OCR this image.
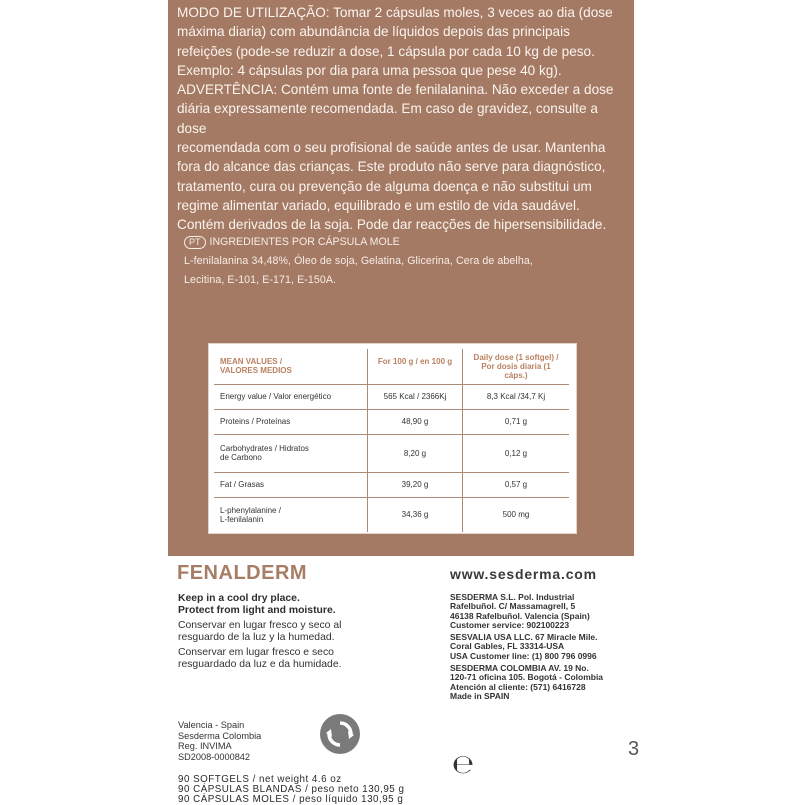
MODO DE UTILIZAÇÃO: Tomar 2 cápsulas moles, 3 veces ao dia (dose

máxima diaria) com abundância de líquidos depois das principais

refeições (pode-se reduzir a dose, 1 cápsula por cada 10 kg de peso.

Exemplo: 4 cápsulas por dia para uma pessoa que pese 40 kg).

ADVERTÊNCIA: Contém uma fonte de fenilalanina. Não exceder a dose

diária expressamente recomendada. Em caso de gravidez, consulte a dose

recomendada com o seu profisional de saúde antes de usar. Mantenha

fora do alcance das crianças. Este produto não serve para diagnóstico,

tratamento, cura ou prevenção de alguma doença e não substitui um

regime alimentar variado, equilibrado e um estilo de vida saudável.

Contém derivados de la soja. Pode dar reacções de hipersensibilidade.

PT INGREDIENTES POR CÁPSULA MOLE
L-fenilalanina 34,48%, Óleo de soja, Gelatina, Glicerina, Cera de abelha,
Lecitina, E-101, E-171, E-150A.
MEAN VALUES /
VALORES MEDIOS	For 100 g / en 100 g	Daily dose (1 softgel) /
Por dosis diaria (1 cáps.)
Energy value / Valor energético	565 Kcal / 2366Kj	8,3 Kcal /34,7 Kj
Proteins / Proteínas	48,90 g	0,71 g
Carbohydrates / Hidratos
de Carbono	8,20 g	0,12 g
Fat / Grasas	39,20 g	0,57 g
L-phenylalanine /
L-fenilalanin	34,36 g	500 mg
FENALDERM	www.sesderma.com

Keep in a cool dry place.
Protect from light and moisture.

Conservar en lugar fresco y seco al
resguardo de la luz y la humedad.

Conservar em lugar fresco e seco
resguardado da luz e da humidade.

SESDERMA S.L. Pol. Industrial
Rafelbuñol. C/ Massamagrell, 5
46138 Rafelbuñol. Valencia (Spain)
Customer service: 902100223

SESVALIA USA LLC. 67 Miracle Mile.
Coral Gables, FL 33314-USA
USA Customer line: (1) 800 796 0996

SESDERMA COLOMBIA AV. 19 No.
120-71 oficina 105. Bogotá - Colombia
Atención al cliente: (571) 6416728
Made in SPAIN

Valencia - Spain
Sesderma Colombia
Reg. INVIMA
SD2008-0000842
90 SOFTGELS / net weight 4.6 oz
90 CÁPSULAS BLANDAS / peso neto 130,95 g
90 CÁPSULAS MOLES / peso líquido 130,95 g
℮
3
